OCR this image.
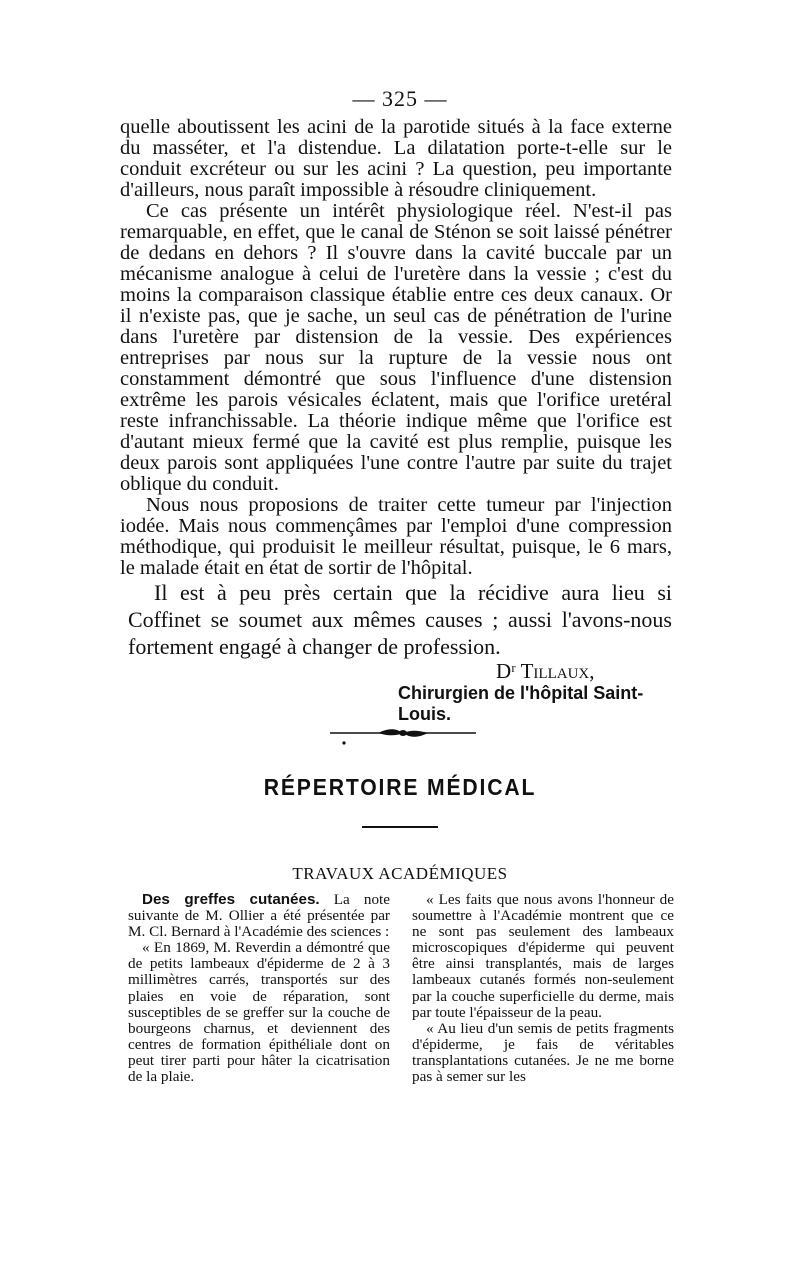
— 325 —

quelle aboutissent les acini de la parotide situés à la face externe du masséter, et l'a distendue. La dilatation porte-t-elle sur le conduit excréteur ou sur les acini ? La question, peu importante d'ailleurs, nous paraît impossible à résoudre cliniquement.

Ce cas présente un intérêt physiologique réel. N'est-il pas remarquable, en effet, que le canal de Sténon se soit laissé pénétrer de dedans en dehors ? Il s'ouvre dans la cavité buccale par un mécanisme analogue à celui de l'uretère dans la vessie ; c'est du moins la comparaison classique établie entre ces deux canaux. Or il n'existe pas, que je sache, un seul cas de pénétration de l'urine dans l'uretère par distension de la vessie. Des expériences entreprises par nous sur la rupture de la vessie nous ont constamment démontré que sous l'influence d'une distension extrême les parois vésicales éclatent, mais que l'orifice uretéral reste infranchissable. La théorie indique même que l'orifice est d'autant mieux fermé que la cavité est plus remplie, puisque les deux parois sont appliquées l'une contre l'autre par suite du trajet oblique du conduit.

Nous nous proposions de traiter cette tumeur par l'injection iodée. Mais nous commençâmes par l'emploi d'une compression méthodique, qui produisit le meilleur résultat, puisque, le 6 mars, le malade était en état de sortir de l'hôpital.

Il est à peu près certain que la récidive aura lieu si Coffinet se soumet aux mêmes causes ; aussi l'avons-nous fortement engagé à changer de profession.

Dʳ Tillaux,
Chirurgien de l'hôpital Saint-Louis.
RÉPERTOIRE MÉDICAL
TRAVAUX ACADÉMIQUES

Des greffes cutanées. La note suivante de M. Ollier a été présentée par M. Cl. Bernard à l'Académie des sciences :

« En 1869, M. Reverdin a démontré que de petits lambeaux d'épiderme de 2 à 3 millimètres carrés, transportés sur des plaies en voie de réparation, sont susceptibles de se greffer sur la couche de bourgeons charnus, et deviennent des centres de formation épithéliale dont on peut tirer parti pour hâter la cicatrisation de la plaie.

« Les faits que nous avons l'honneur de soumettre à l'Académie montrent que ce ne sont pas seulement des lambeaux microscopiques d'épiderme qui peuvent être ainsi transplantés, mais de larges lambeaux cutanés formés non-seulement par la couche superficielle du derme, mais par toute l'épaisseur de la peau.

« Au lieu d'un semis de petits fragments d'épiderme, je fais de véritables transplantations cutanées. Je ne me borne pas à semer sur les
